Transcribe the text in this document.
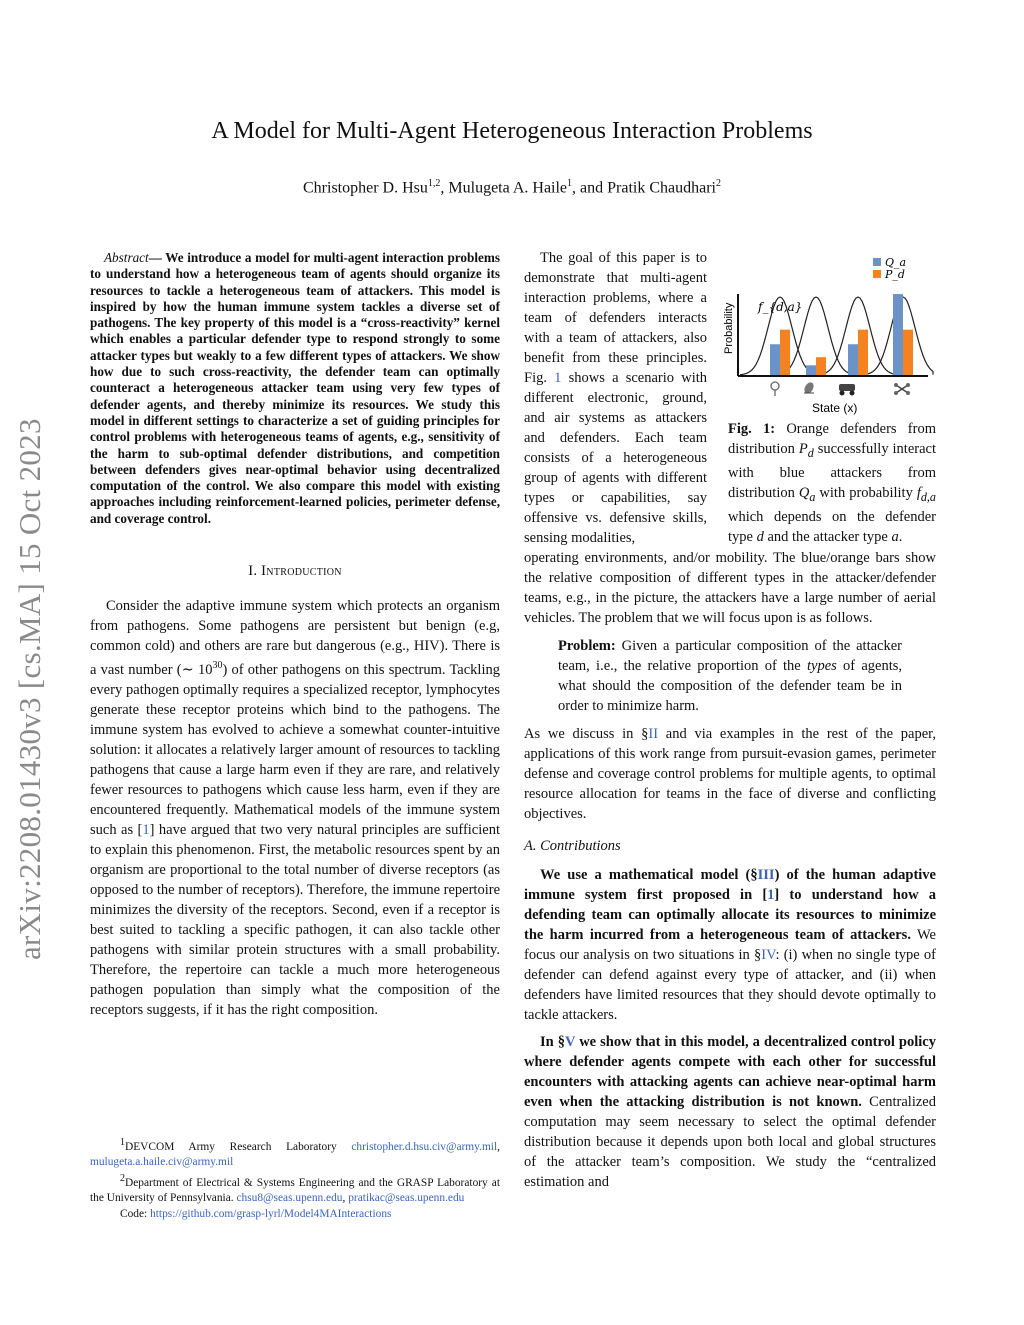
arXiv:2208.01430v3 [cs.MA] 15 Oct 2023
A Model for Multi-Agent Heterogeneous Interaction Problems
Christopher D. Hsu$^{1,2}$, Mulugeta A. Haile$^1$, and Pratik Chaudhari$^2$

Abstract— We introduce a model for multi-agent interaction problems to understand how a heterogeneous team of agents should organize its resources to tackle a heterogeneous team of attackers. This model is inspired by how the human immune system tackles a diverse set of pathogens. The key property of this model is a “cross-reactivity” kernel which enables a particular defender type to respond strongly to some attacker types but weakly to a few different types of attackers. We show how due to such cross-reactivity, the defender team can optimally counteract a heterogeneous attacker team using very few types of defender agents, and thereby minimize its resources. We study this model in different settings to characterize a set of guiding principles for control problems with heterogeneous teams of agents, e.g., sensitivity of the harm to sub-optimal defender distributions, and competition between defenders gives near-optimal behavior using decentralized computation of the control. We also compare this model with existing approaches including reinforcement-learned policies, perimeter defense, and coverage control.

I. Introduction

Consider the adaptive immune system which protects an organism from pathogens. Some pathogens are persistent but benign (e.g, common cold) and others are rare but dangerous (e.g., HIV). There is a vast number (∼ $10^{30}$) of other pathogens on this spectrum. Tackling every pathogen optimally requires a specialized receptor, lymphocytes generate these receptor proteins which bind to the pathogens. The immune system has evolved to achieve a somewhat counter-intuitive solution: it allocates a relatively larger amount of resources to tackling pathogens that cause a large harm even if they are rare, and relatively fewer resources to pathogens which cause less harm, even if they are encountered frequently. Mathematical models of the immune system such as [1] have argued that two very natural principles are sufficient to explain this phenomenon. First, the metabolic resources spent by an organism are proportional to the total number of diverse receptors (as opposed to the number of receptors). Therefore, the immune repertoire minimizes the diversity of the receptors. Second, even if a receptor is best suited to tackling a specific pathogen, it can also tackle other pathogens with similar protein structures with a small probability. Therefore, the repertoire can tackle a much more heterogeneous pathogen population than simply what the composition of the receptors suggests, if it has the right composition.

$^1$DEVCOM Army Research Laboratory christopher.d.hsu.civ@army.mil, mulugeta.a.haile.civ@army.mil

$^2$Department of Electrical & Systems Engineering and the GRASP Laboratory at the University of Pennsylvania. chsu8@seas.upenn.edu, pratikac@seas.upenn.edu

Code: https://github.com/grasp-lyrl/Model4MAInteractions

The goal of this paper is to demonstrate that multi-agent interaction problems, where a team of defenders interacts with a team of attackers, also benefit from these principles. Fig. 1 shows a scenario with different electronic, ground, and air systems as attackers and defenders. Each team consists of a heterogeneous group of agents with different types or capabilities, say offensive vs. defensive skills, sensing modalities,

operating environments, and/or mobility. The blue/orange bars show the relative composition of different types in the attacker/defender teams, e.g., in the picture, the attackers have a large number of aerial vehicles. The problem that we will focus upon is as follows.

Problem: Given a particular composition of the attacker team, i.e., the relative proportion of the types of agents, what should the composition of the defender team be in order to minimize harm.

As we discuss in §II and via examples in the rest of the paper, applications of this work range from pursuit-evasion games, perimeter defense and coverage control problems for multiple agents, to optimal resource allocation for teams in the face of diverse and conflicting objectives.

A. Contributions

We use a mathematical model (§III) of the human adaptive immune system first proposed in [1] to understand how a defending team can optimally allocate its resources to minimize the harm incurred from a heterogeneous team of attackers. We focus our analysis on two situations in §IV: (i) when no single type of defender can defend against every type of attacker, and (ii) when defenders have limited resources that they should devote optimally to tackle attackers.

In §V we show that in this model, a decentralized control policy where defender agents compete with each other for successful encounters with attacking agents can achieve near-optimal harm even when the attacking distribution is not known. Centralized computation may seem necessary to select the optimal defender distribution because it depends upon both local and global structures of the attacker team’s composition. We study the “centralized estimation and

Probability
State (x)
f_{d,a}
Q_a
P_d
Fig. 1: Orange defenders from distribution $P_d$ successfully interact with blue attackers from distribution $Q_a$ with probability $f_{d,a}$ which depends on the defender type d and the attacker type a.
